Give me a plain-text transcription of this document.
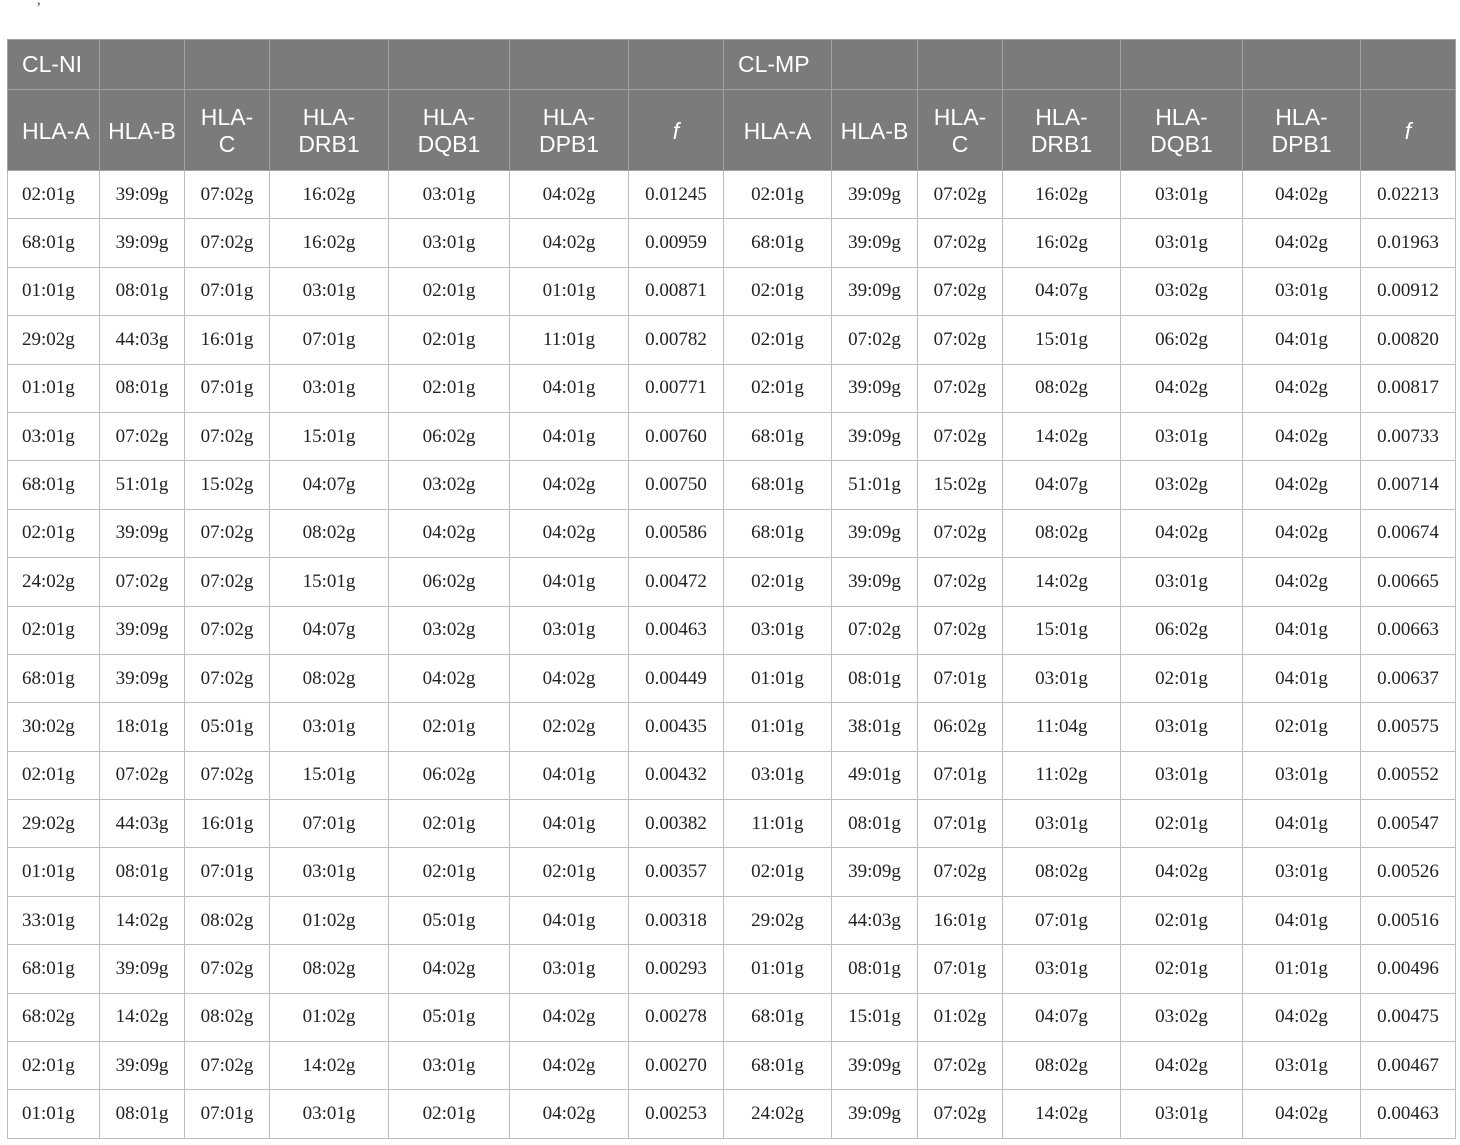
’
CL-NI							CL-MP						
HLA-A	HLA-B	HLA-C	HLA-DRB1	HLA-DQB1	HLA-DPB1	f	HLA-A	HLA-B	HLA-C	HLA-DRB1	HLA-DQB1	HLA-DPB1	f
02:01g	39:09g	07:02g	16:02g	03:01g	04:02g	0.01245	02:01g	39:09g	07:02g	16:02g	03:01g	04:02g	0.02213
68:01g	39:09g	07:02g	16:02g	03:01g	04:02g	0.00959	68:01g	39:09g	07:02g	16:02g	03:01g	04:02g	0.01963
01:01g	08:01g	07:01g	03:01g	02:01g	01:01g	0.00871	02:01g	39:09g	07:02g	04:07g	03:02g	03:01g	0.00912
29:02g	44:03g	16:01g	07:01g	02:01g	11:01g	0.00782	02:01g	07:02g	07:02g	15:01g	06:02g	04:01g	0.00820
01:01g	08:01g	07:01g	03:01g	02:01g	04:01g	0.00771	02:01g	39:09g	07:02g	08:02g	04:02g	04:02g	0.00817
03:01g	07:02g	07:02g	15:01g	06:02g	04:01g	0.00760	68:01g	39:09g	07:02g	14:02g	03:01g	04:02g	0.00733
68:01g	51:01g	15:02g	04:07g	03:02g	04:02g	0.00750	68:01g	51:01g	15:02g	04:07g	03:02g	04:02g	0.00714
02:01g	39:09g	07:02g	08:02g	04:02g	04:02g	0.00586	68:01g	39:09g	07:02g	08:02g	04:02g	04:02g	0.00674
24:02g	07:02g	07:02g	15:01g	06:02g	04:01g	0.00472	02:01g	39:09g	07:02g	14:02g	03:01g	04:02g	0.00665
02:01g	39:09g	07:02g	04:07g	03:02g	03:01g	0.00463	03:01g	07:02g	07:02g	15:01g	06:02g	04:01g	0.00663
68:01g	39:09g	07:02g	08:02g	04:02g	04:02g	0.00449	01:01g	08:01g	07:01g	03:01g	02:01g	04:01g	0.00637
30:02g	18:01g	05:01g	03:01g	02:01g	02:02g	0.00435	01:01g	38:01g	06:02g	11:04g	03:01g	02:01g	0.00575
02:01g	07:02g	07:02g	15:01g	06:02g	04:01g	0.00432	03:01g	49:01g	07:01g	11:02g	03:01g	03:01g	0.00552
29:02g	44:03g	16:01g	07:01g	02:01g	04:01g	0.00382	11:01g	08:01g	07:01g	03:01g	02:01g	04:01g	0.00547
01:01g	08:01g	07:01g	03:01g	02:01g	02:01g	0.00357	02:01g	39:09g	07:02g	08:02g	04:02g	03:01g	0.00526
33:01g	14:02g	08:02g	01:02g	05:01g	04:01g	0.00318	29:02g	44:03g	16:01g	07:01g	02:01g	04:01g	0.00516
68:01g	39:09g	07:02g	08:02g	04:02g	03:01g	0.00293	01:01g	08:01g	07:01g	03:01g	02:01g	01:01g	0.00496
68:02g	14:02g	08:02g	01:02g	05:01g	04:02g	0.00278	68:01g	15:01g	01:02g	04:07g	03:02g	04:02g	0.00475
02:01g	39:09g	07:02g	14:02g	03:01g	04:02g	0.00270	68:01g	39:09g	07:02g	08:02g	04:02g	03:01g	0.00467
01:01g	08:01g	07:01g	03:01g	02:01g	04:02g	0.00253	24:02g	39:09g	07:02g	14:02g	03:01g	04:02g	0.00463
